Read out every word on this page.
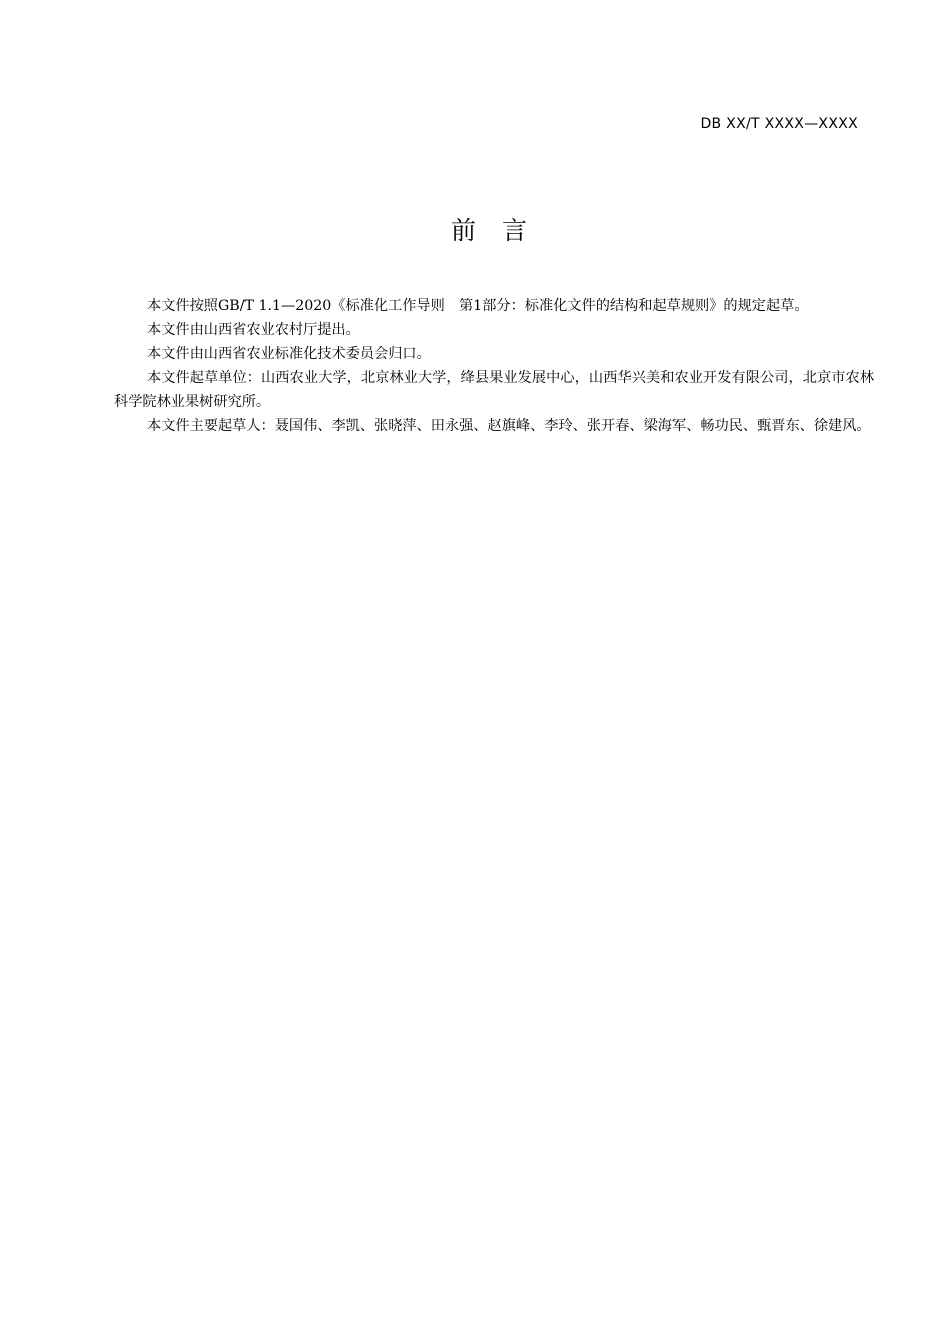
DB XX/T XXXX—XXXX
前言

本文件按照GB/T 1.1—2020《标准化工作导则　第1部分：标准化文件的结构和起草规则》的规定起草。

本文件由山西省农业农村厅提出。

本文件由山西省农业标准化技术委员会归口。

本文件起草单位：山西农业大学，北京林业大学，绛县果业发展中心，山西华兴美和农业开发有限公司，北京市农林科学院林业果树研究所。

本文件主要起草人：聂国伟、李凯、张晓萍、田永强、赵旗峰、李玲、张开春、梁海军、畅功民、甄晋东、徐建风。
